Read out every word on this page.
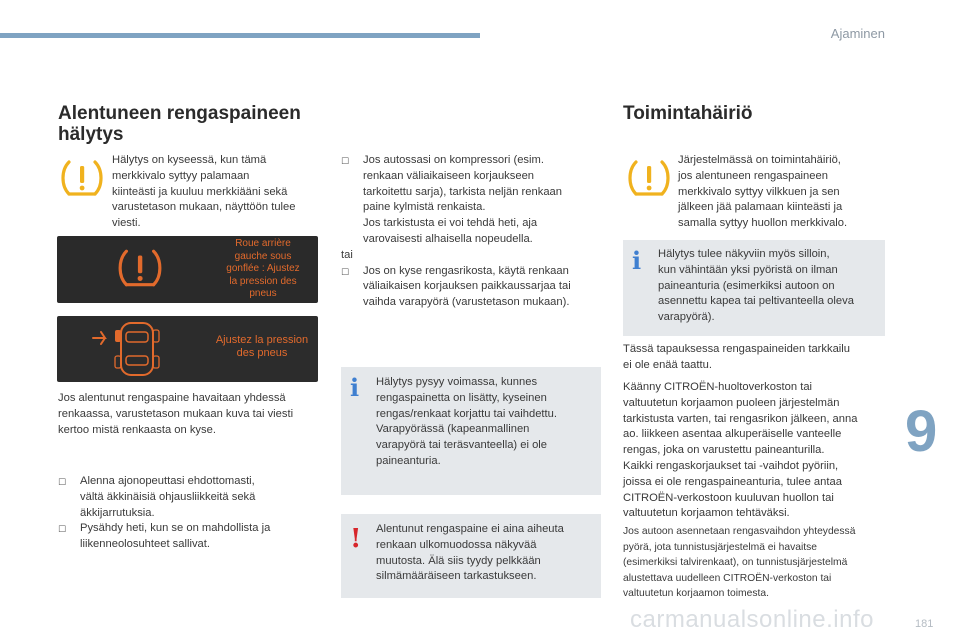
Ajaminen
9
181
Alentuneen rengaspaineen
hälytys
Hälytys on kyseessä, kun tämä
merkkivalo syttyy palamaan
kiinteästi ja kuuluu merkkiääni sekä
varustetason mukaan, näyttöön tulee
viesti.
Roue arrière
gauche sous
gonflée : Ajustez
la pression des
pneus
Ajustez la pression
des pneus
Jos alentunut rengaspaine havaitaan yhdessä
renkaassa, varustetason mukaan kuva tai viesti
kertoo mistä renkaasta on kyse.
☐ Alenna ajonopeuttasi ehdottomasti,
vältä äkkinäisiä ohjausliikkeitä sekä
äkkijarrutuksia.
☐ Pysähdy heti, kun se on mahdollista ja
liikenneolosuhteet sallivat.
☐ Jos autossasi on kompressori (esim.
renkaan väliaikaiseen korjaukseen
tarkoitettu sarja), tarkista neljän renkaan
paine kylmistä renkaista.
Jos tarkistusta ei voi tehdä heti, aja
varovaisesti alhaisella nopeudella.
tai
☐ Jos on kyse rengasrikosta, käytä renkaan
väliaikaisen korjauksen paikkaussarjaa tai
vaihda varapyörä (varustetason mukaan).
i Hälytys pysyy voimassa, kunnes
rengaspainetta on lisätty, kyseinen
rengas/renkaat korjattu tai vaihdettu.
Varapyörässä (kapeanmallinen
varapyörä tai teräsvanteella) ei ole
paineanturia.
! Alentunut rengaspaine ei aina aiheuta
renkaan ulkomuodossa näkyvää
muutosta. Älä siis tyydy pelkkään
silmämääräiseen tarkastukseen.
Toimintahäiriö
Järjestelmässä on toimintahäiriö,
jos alentuneen rengaspaineen
merkkivalo syttyy vilkkuen ja sen
jälkeen jää palamaan kiinteästi ja
samalla syttyy huollon merkkivalo.
i Hälytys tulee näkyviin myös silloin,
kun vähintään yksi pyöristä on ilman
paineanturia (esimerkiksi autoon on
asennettu kapea tai peltivanteella oleva
varapyörä).
Tässä tapauksessa rengaspaineiden tarkkailu
ei ole enää taattu.
Käänny CITROËN-huoltoverkoston tai
valtuutetun korjaamon puoleen järjestelmän
tarkistusta varten, tai rengasrikon jälkeen, anna
ao. liikkeen asentaa alkuperäiselle vanteelle
rengas, joka on varustettu paineanturilla.
Kaikki rengaskorjaukset tai -vaihdot pyöriin,
joissa ei ole rengaspaineanturia, tulee antaa
CITROËN-verkostoon kuuluvan huollon tai
valtuutetun korjaamon tehtäväksi.
Jos autoon asennetaan rengasvaihdon yhteydessä
pyörä, jota tunnistusjärjestelmä ei havaitse
(esimerkiksi talvirenkaat), on tunnistusjärjestelmä
alustettava uudelleen CITROËN-verkoston tai
valtuutetun korjaamon toimesta.
carmanualsonline.info
